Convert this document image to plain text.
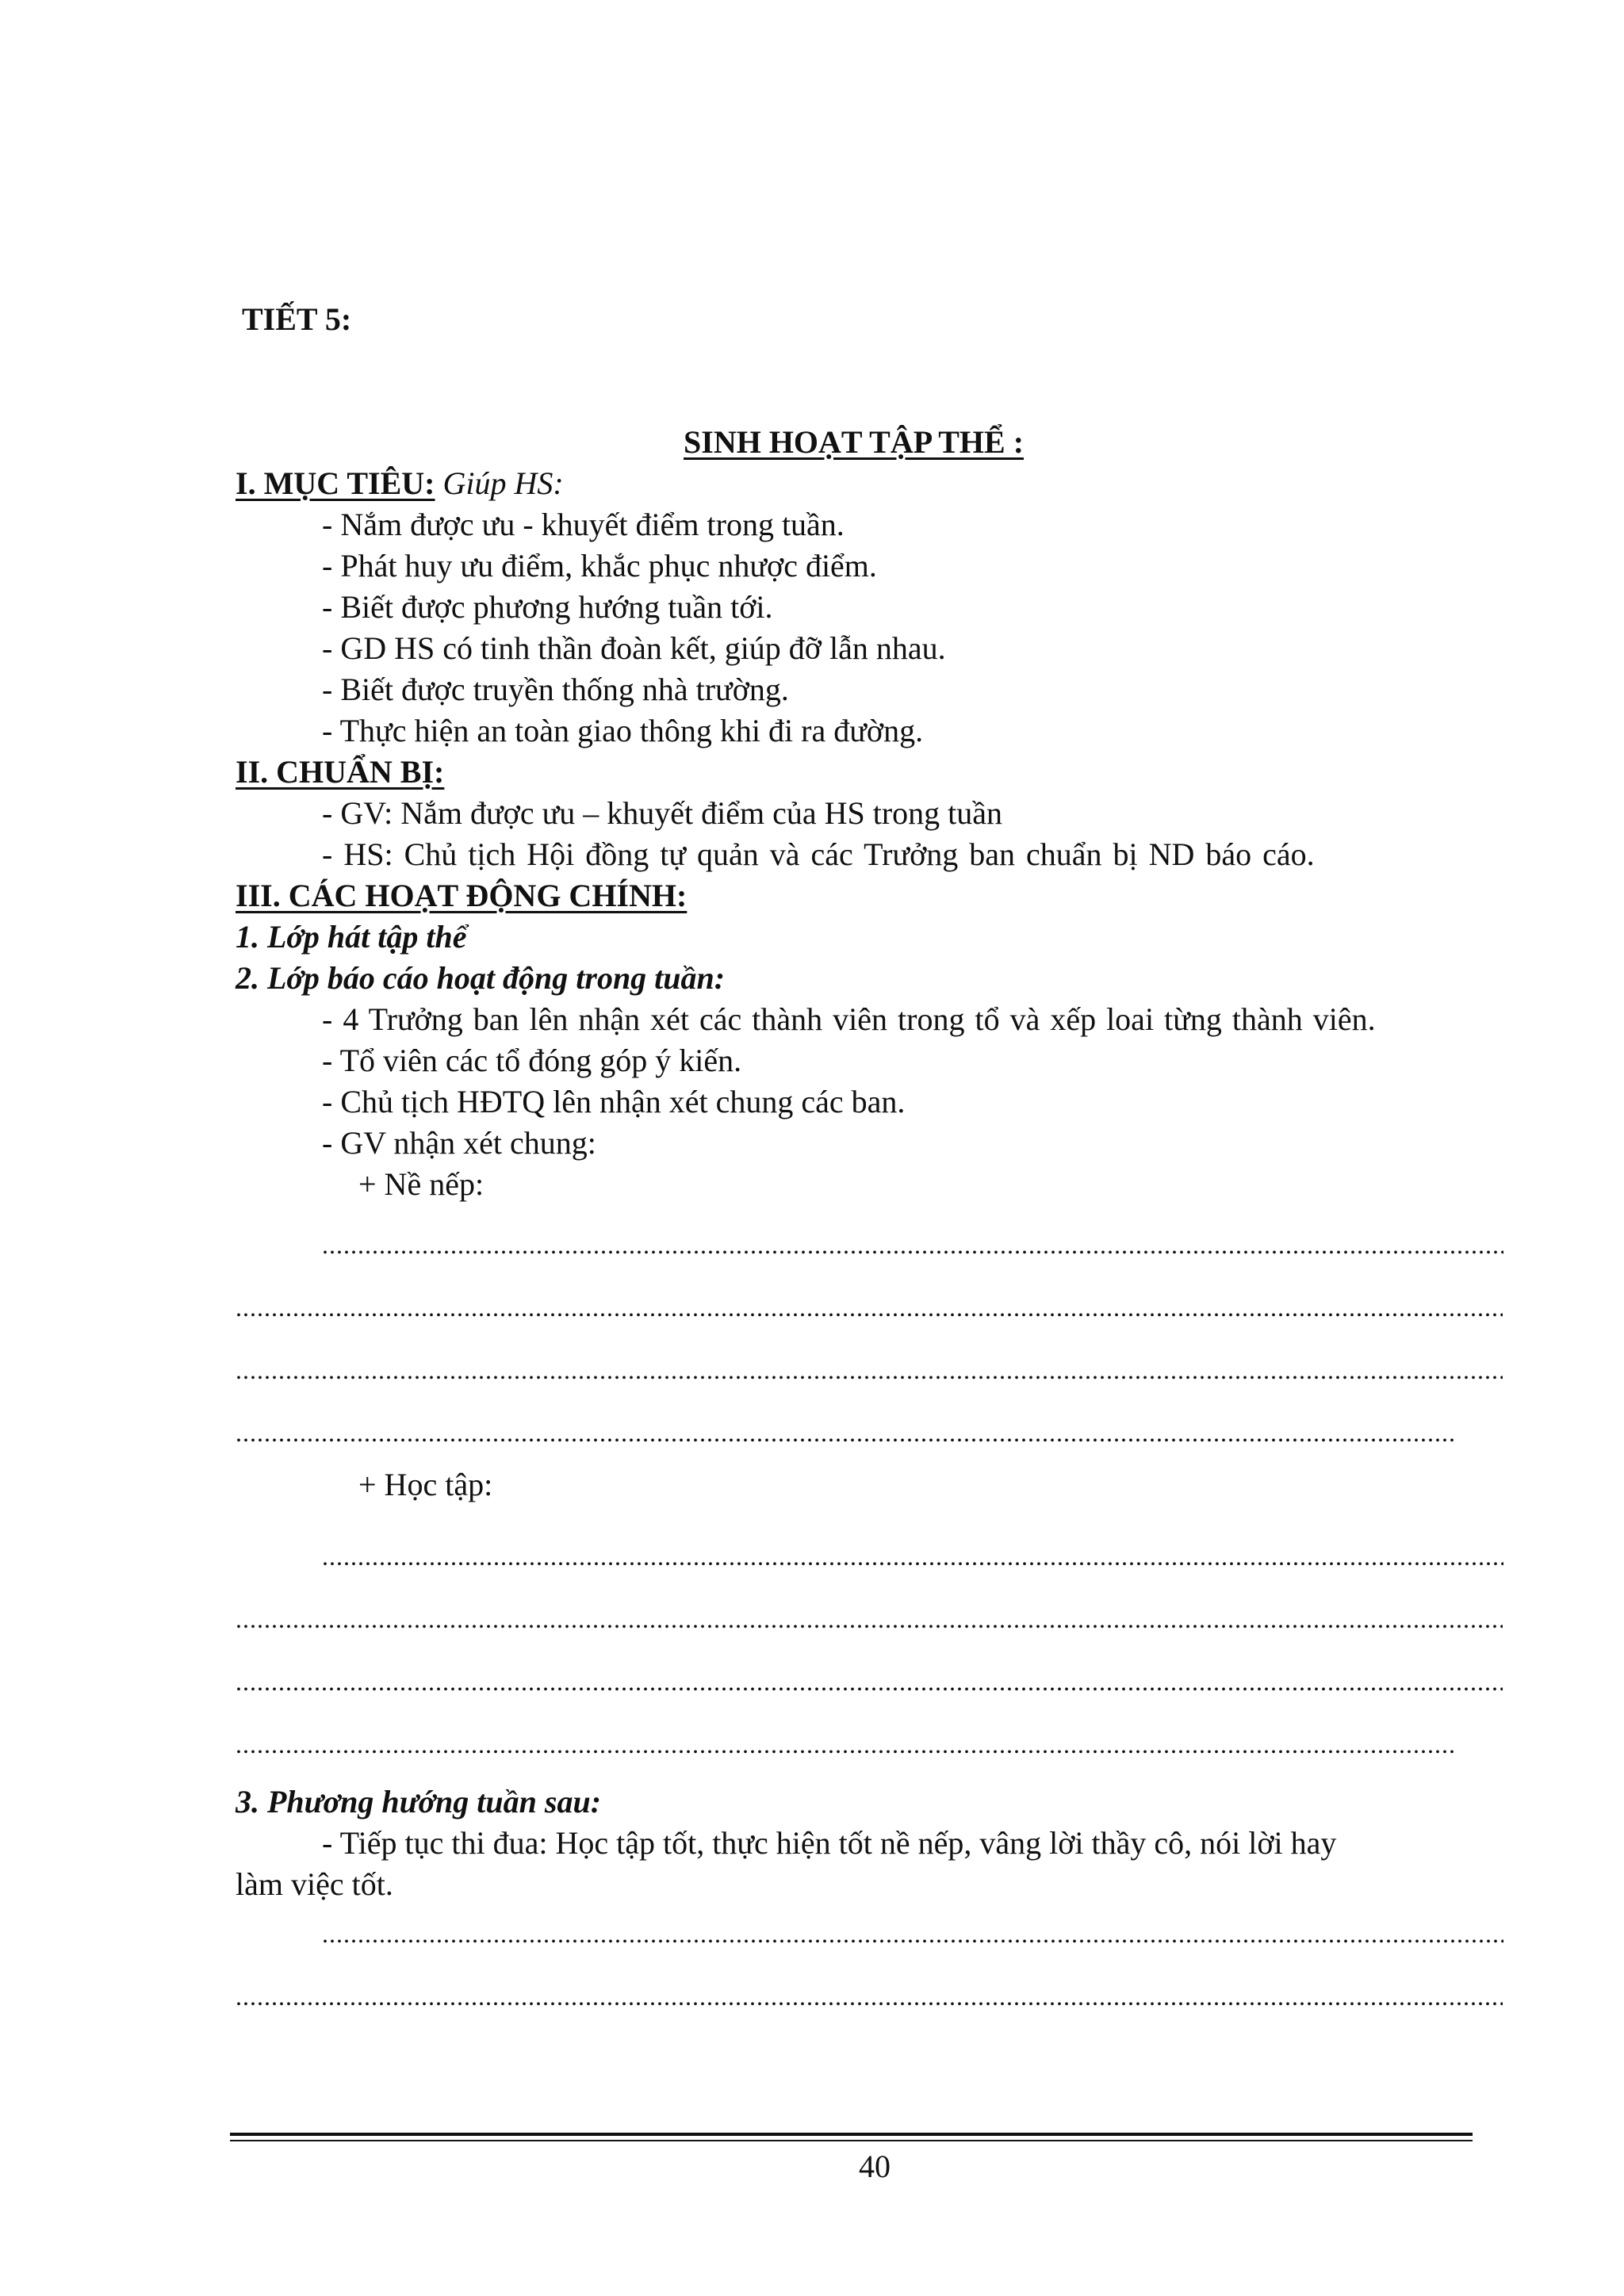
TIẾT 5:
SINH HOẠT TẬP THỂ :
I. MỤC TIÊU: Giúp HS:
- Nắm được ưu - khuyết điểm trong tuần.
- Phát huy ưu điểm, khắc phục nhược điểm.
- Biết được phương hướng tuần tới.
- GD HS có tinh thần đoàn kết, giúp đỡ lẫn nhau.
- Biết được truyền thống nhà trường.
- Thực hiện an toàn giao thông khi đi ra đường.
II. CHUẨN BỊ:
- GV: Nắm được ưu – khuyết điểm của HS trong tuần
- HS: Chủ tịch Hội đồng tự quản và các Trưởng ban chuẩn bị ND báo cáo.
III. CÁC HOẠT ĐỘNG CHÍNH:
1. Lớp hát tập thể
2. Lớp báo cáo hoạt động trong tuần:
- 4 Trưởng ban lên nhận xét các thành viên trong tổ và xếp loai từng thành viên.
- Tổ viên các tổ đóng góp ý kiến.
- Chủ tịch HĐTQ lên nhận xét chung các ban.
- GV nhận xét chung:
+ Nề nếp:
.....
.....
.....
.....
+ Học tập:
.....
.....
.....
.....
3. Phương hướng tuần sau:
- Tiếp tục thi đua: Học tập tốt, thực hiện tốt nề nếp, vâng lời thầy cô, nói lời hay
làm việc tốt.
.....
.....
40
